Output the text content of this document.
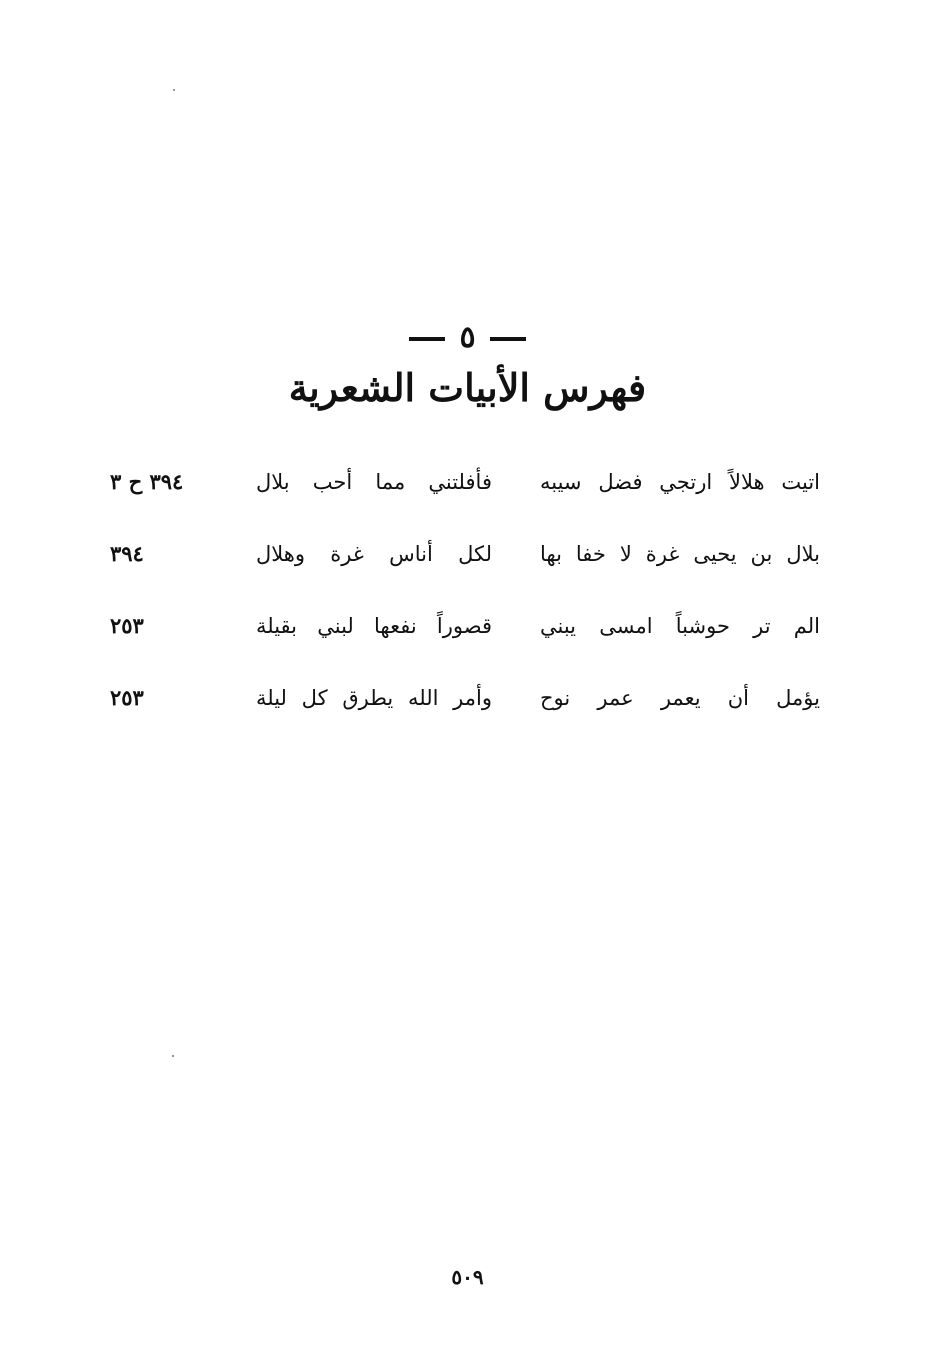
٥
فهرس الأبيات الشعرية
اتيت هلالاً ارتجي فضل سيبه
فأفلتني مما أحب بلال
٣٩٤ ح ٣
بلال بن يحيى غرة لا خفا بها
لكل أناس غرة وهلال
٣٩٤
الم تر حوشباً امسى يبني
قصوراً نفعها لبني بقيلة
٢٥٣
يؤمل أن يعمر عمر نوح
وأمر الله يطرق كل ليلة
٢٥٣
٥٠٩
